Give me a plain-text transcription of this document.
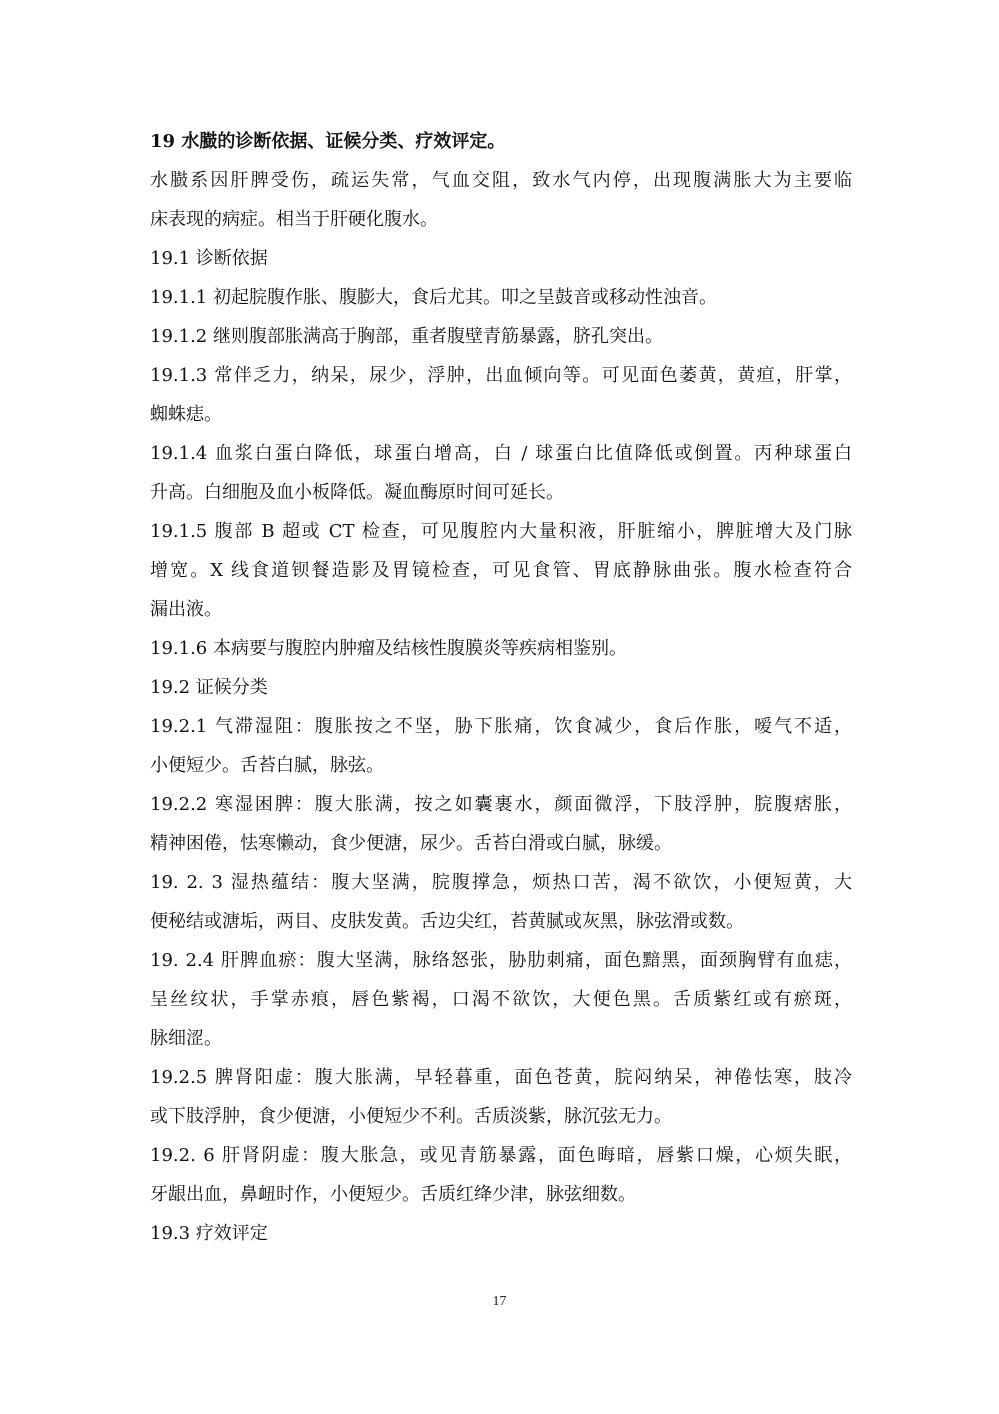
19 水臌的诊断依据、证候分类、疗效评定。

水臌系因肝脾受伤，疏运失常，气血交阻，致水气内停，出现腹满胀大为主要临
床表现的病症。相当于肝硬化腹水。

19.1 诊断依据

19.1.1 初起脘腹作胀、腹膨大，食后尤其。叩之呈鼓音或移动性浊音。

19.1.2 继则腹部胀满高于胸部，重者腹壁青筋暴露，脐孔突出。

19.1.3 常伴乏力，纳呆，尿少，浮肿，出血倾向等。可见面色萎黄，黄疸，肝掌，
蜘蛛痣。

19.1.4 血浆白蛋白降低，球蛋白增高，白 / 球蛋白比值降低或倒置。丙种球蛋白
升高。白细胞及血小板降低。凝血酶原时间可延长。

19.1.5 腹部 B 超或 CT 检查，可见腹腔内大量积液，肝脏缩小，脾脏增大及门脉
增宽。X 线食道钡餐造影及胃镜检查，可见食管、胃底静脉曲张。腹水检查符合
漏出液。

19.1.6 本病要与腹腔内肿瘤及结核性腹膜炎等疾病相鉴别。

19.2 证候分类

19.2.1 气滞湿阻：腹胀按之不坚，胁下胀痛，饮食减少，食后作胀，嗳气不适，
小便短少。舌苔白腻，脉弦。

19.2.2 寒湿困脾：腹大胀满，按之如囊裹水，颜面微浮，下肢浮肿，脘腹痞胀，
精神困倦，怯寒懒动，食少便溏，尿少。舌苔白滑或白腻，脉缓。

19. 2. 3 湿热蕴结：腹大坚满，脘腹撑急，烦热口苦，渴不欲饮，小便短黄，大
便秘结或溏垢，两目、皮肤发黄。舌边尖红，苔黄腻或灰黑，脉弦滑或数。

19. 2.4 肝脾血瘀：腹大坚满，脉络怒张，胁肋刺痛，面色黯黑，面颈胸臂有血痣，
呈丝纹状，手掌赤痕，唇色紫褐，口渴不欲饮，大便色黑。舌质紫红或有瘀斑，
脉细涩。

19.2.5 脾肾阳虚：腹大胀满，早轻暮重，面色苍黄，脘闷纳呆，神倦怯寒，肢冷
或下肢浮肿，食少便溏，小便短少不利。舌质淡紫，脉沉弦无力。

19.2. 6 肝肾阴虚：腹大胀急，或见青筋暴露，面色晦暗，唇紫口燥，心烦失眠，
牙龈出血，鼻衄时作，小便短少。舌质红绛少津，脉弦细数。

19.3 疗效评定

17
